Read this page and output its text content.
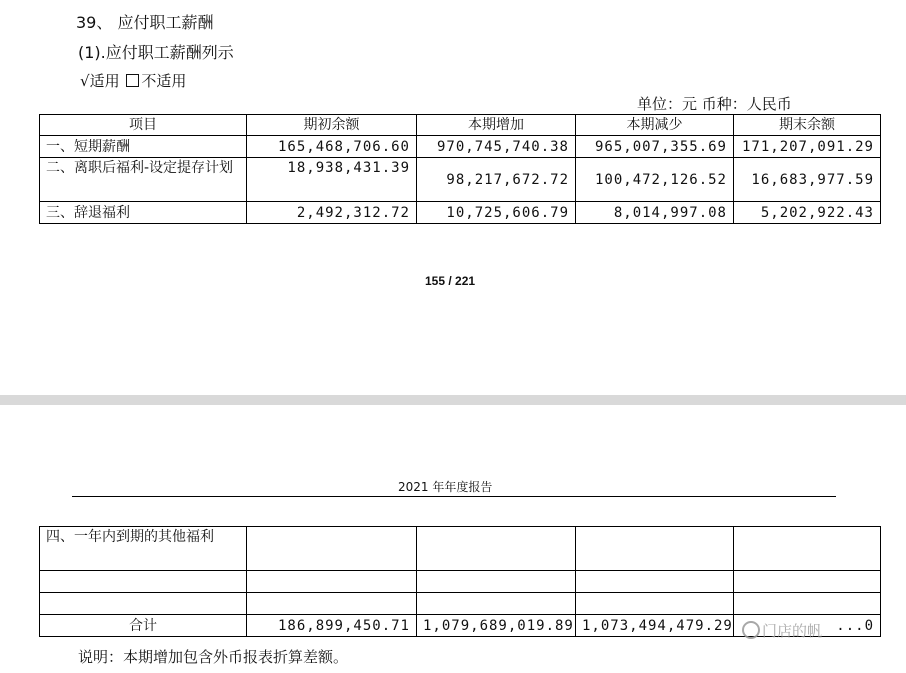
39、 应付职工薪酬
(1).应付职工薪酬列示
√适用 不适用
单位：元 币种：人民币
项目	期初余额	本期增加	本期减少	期末余额
一、短期薪酬	165,468,706.60	970,745,740.38	965,007,355.69	171,207,091.29
二、离职后福利-设定提存计划	18,938,431.39	98,217,672.72	100,472,126.52	16,683,977.59
三、辞退福利	2,492,312.72	10,725,606.79	8,014,997.08	5,202,922.43
155 / 221
2021 年年度报告
四、一年内到期的其他福利				

合计	186,899,450.71	1,079,689,019.89	1,073,494,479.29	...0
说明：本期增加包含外币报表折算差额。
门店的帆
